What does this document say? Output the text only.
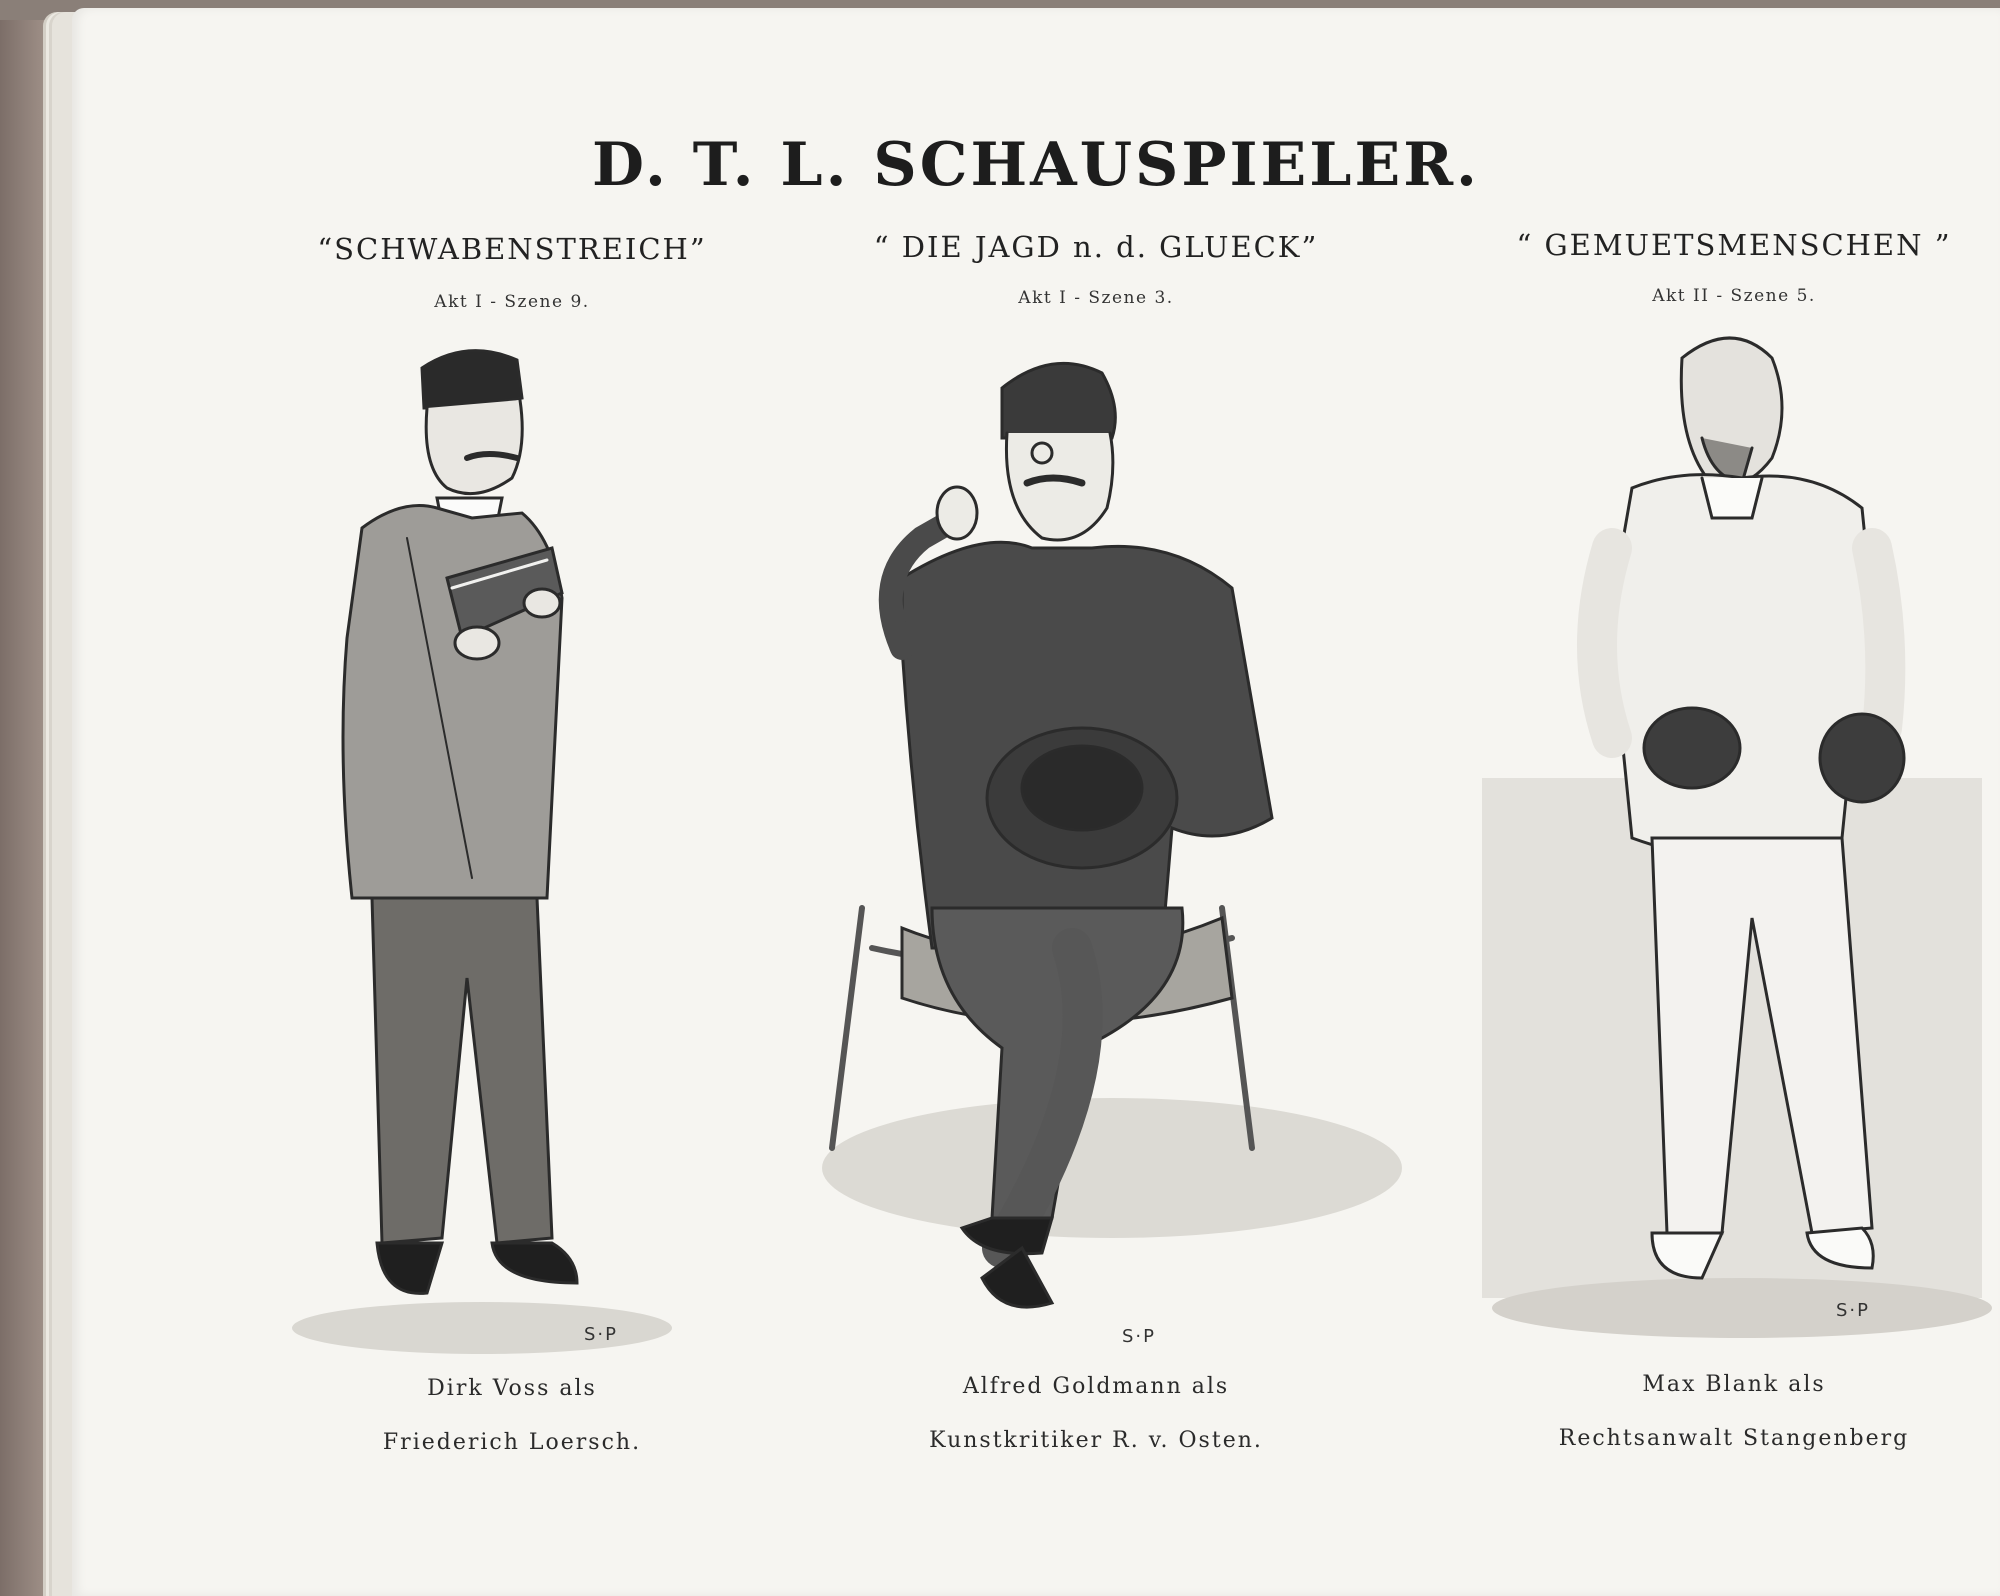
D. T. L. SCHAUSPIELER.
“SCHWABENSTREICH”
Akt I - Szene 9.
“ DIE JAGD n. d. GLUECK”
Akt I - Szene 3.
“ GEMUETSMENSCHEN ”
Akt II - Szene 5.
S·P	S·P
S·P
Dirk Voss als
Friederich Loersch.
Alfred Goldmann als
Kunstkritiker R. v. Osten.
Max Blank als
Rechtsanwalt Stangenberg
